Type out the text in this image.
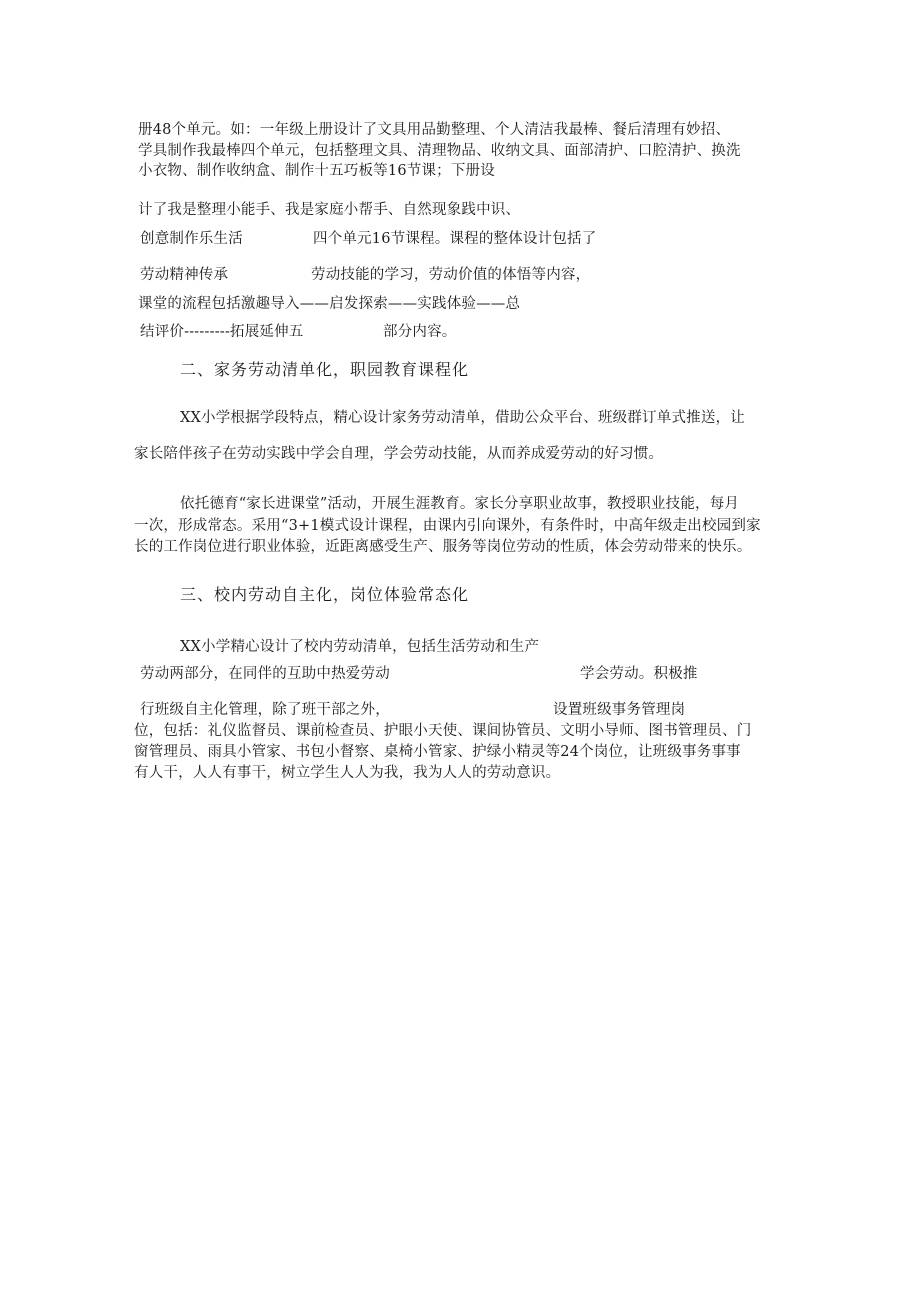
册48个单元。如：一年级上册设计了文具用品勤整理、个人清洁我最棒、餐后清理有妙招、
学具制作我最棒四个单元，包括整理文具、清理物品、收纳文具、面部清护、口腔清护、换洗
小衣物、制作收纳盒、制作十五巧板等16节课；下册设
计了我是整理小能手、我是家庭小帮手、自然现象践中识、
创意制作乐生活	四个单元16节课程。课程的整体设计包括了
劳动精神传承	劳动技能的学习，劳动价值的体悟等内容，
课堂的流程包括激趣导入——启发探索——实践体验——总
结评价---------拓展延伸五	部分内容。
二、家务劳动清单化，职园教育课程化
XX小学根据学段特点，精心设计家务劳动清单，借助公众平台、班级群订单式推送，让
家长陪伴孩子在劳动实践中学会自理，学会劳动技能，从而养成爱劳动的好习惯。
依托德育“家长进课堂”活动，开展生涯教育。家长分享职业故事，教授职业技能，每月
一次，形成常态。采用“3+1模式设计课程，由课内引向课外，有条件时，中高年级走出校园到家
长的工作岗位进行职业体验，近距离感受生产、服务等岗位劳动的性质，体会劳动带来的快乐。
三、校内劳动自主化，岗位体验常态化
XX小学精心设计了校内劳动清单，包括生活劳动和生产
劳动两部分，在同伴的互助中热爱劳动	学会劳动。积极推
行班级自主化管理，除了班干部之外，	设置班级事务管理岗
位，包括：礼仪监督员、课前检查员、护眼小天使、课间协管员、文明小导师、图书管理员、门
窗管理员、雨具小管家、书包小督察、桌椅小管家、护绿小精灵等24个岗位，让班级事务事事
有人干，人人有事干，树立学生人人为我，我为人人的劳动意识。
